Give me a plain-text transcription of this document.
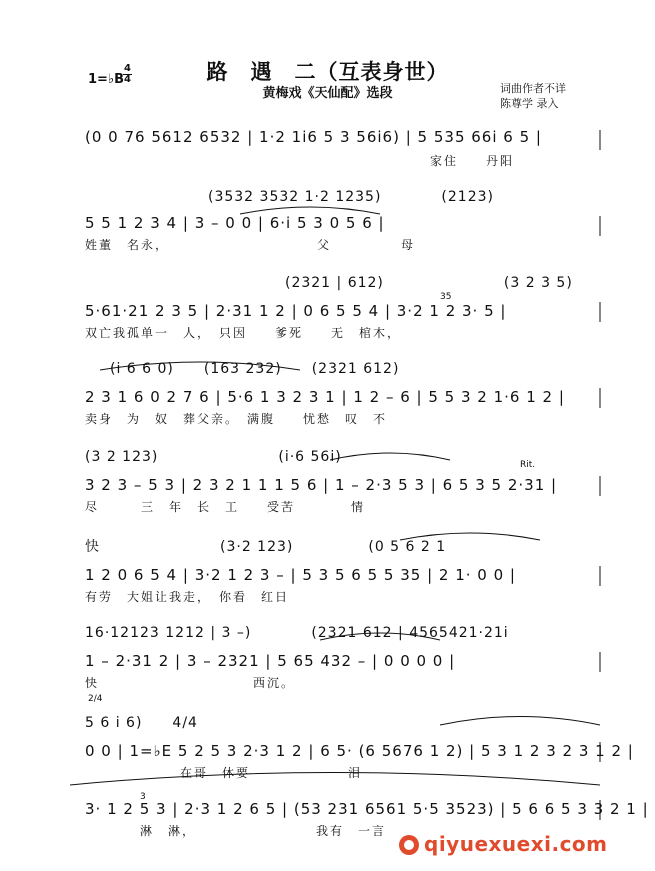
路　遇　二（互表身世）
黄梅戏《天仙配》选段
1=♭B
4
4
词曲作者不详
陈尊学 录入
(0 0 76 5612 6532 | 1·2 1i6 5 3 56i6) | 5 535 66i 6 5 |
家住　　丹阳
(3532 3532 1·2 1235)　　　　(2123)
5 5 1 2 3 4 | 3 – 0 0 | 6·i 5 3 0 5 6 |
姓董　名永，　　　　　　　　　　　父　　　　　母
(2321 | 612)　　　　　　　　(3 2 3 5)
35
5·61·21 2 3 5 | 2·31 1 2 | 0 6 5 5 4 | 3·2 1 2 3· 5 |
双亡我孤单一　人，　只因　　爹死　　无　棺木，
(i 6 6 0)　　(163 232)　　(2321 612)
2 3 1 6 0 2 7 6 | 5·6 1 3 2 3 1 | 1 2 – 6 | 5 5 3 2 1·6 1 2 |
卖身　为　奴　葬父亲。　满腹　　忧愁　叹　不
(3 2 123)　　　　　　　　(i·6 56i)	Rit.
3 2 3 – 5 3 | 2 3 2 1 1 1 5 6 | 1 – 2·3 5 3 | 6 5 3 5 2·31 |
尽　　　三　年　长　工　　受苦　　　　情
快　　　　　　　　(3·2 123)　　　　　(0 5 6 2 1
1 2 0 6 5 4 | 3·2 1 2 3 – | 5 3 5 6 5 5 35 | 2 1· 0 0 |
有劳　大姐让我走，　你看　红日
16·12123 1212 | 3 –)　　　　(2321 612 | 4565421·21i
1 – 2·31 2 | 3 – 2321 | 5 65 432 – | 0 0 0 0 |
快　　　　　　　　　　　西沉。
2/4
5 6 i 6)　　4/4
0 0 | 1=♭E 5 2 5 3 2·3 1 2 | 6 5· (6 5676 1 2) | 5 3 1 2 3 2 3 1 2 |
在哥　休要　　　　　　　泪
3
3· 1 2 5 3 | 2·3 1 2 6 5 | (53 231 6561 5·5 3523) | 5 6 6 5 3 3 2 1 |
淋　淋，　　　　　　　　　我有　一言
qiyuexuexi.com
